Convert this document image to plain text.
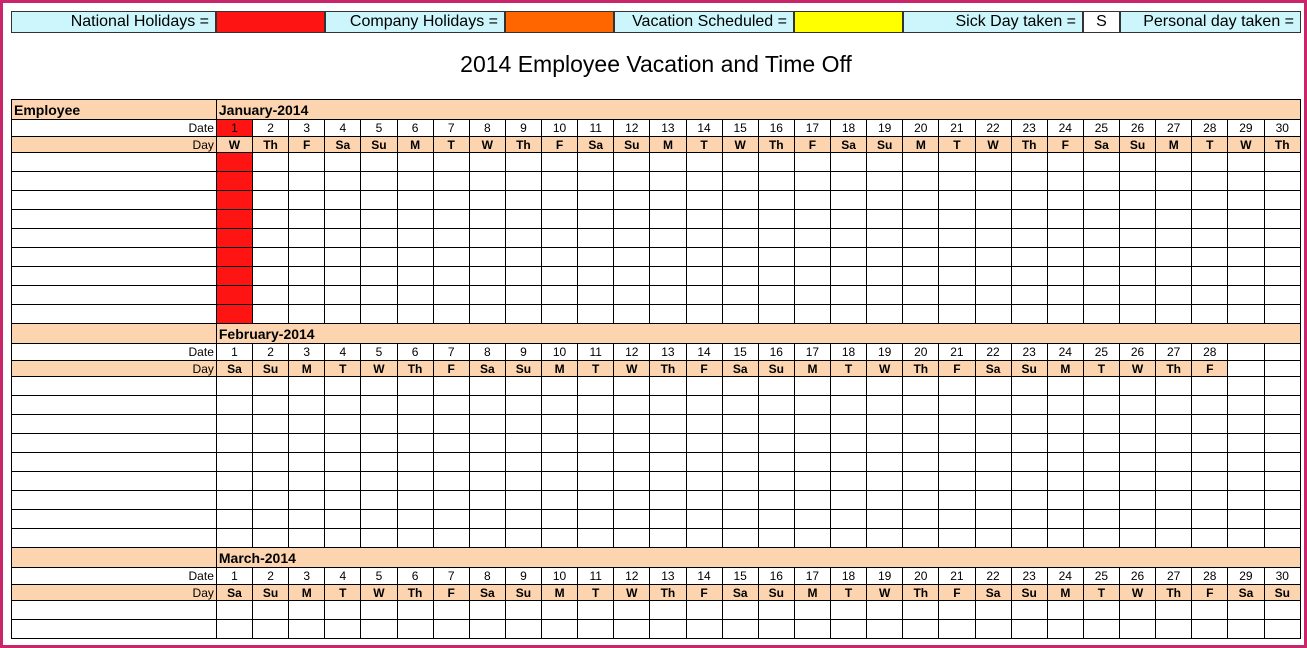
National Holidays =	Company Holidays =	Vacation Scheduled =	Sick Day taken =	S	Personal day taken =
2014 Employee Vacation and Time Off
Employee	January-2014																													
Date	1	2	3	4	5	6	7	8	9	10	11	12	13	14	15	16	17	18	19	20	21	22	23	24	25	26	27	28	29	30
Day	W	Th	F	Sa	Su	M	T	W	Th	F	Sa	Su	M	T	W	Th	F	Sa	Su	M	T	W	Th	F	Sa	Su	M	T	W	Th

	February-2014																													
Date	1	2	3	4	5	6	7	8	9	10	11	12	13	14	15	16	17	18	19	20	21	22	23	24	25	26	27	28		
Day	Sa	Su	M	T	W	Th	F	Sa	Su	M	T	W	Th	F	Sa	Su	M	T	W	Th	F	Sa	Su	M	T	W	Th	F		

	March-2014																													
Date	1	2	3	4	5	6	7	8	9	10	11	12	13	14	15	16	17	18	19	20	21	22	23	24	25	26	27	28	29	30
Day	Sa	Su	M	T	W	Th	F	Sa	Su	M	T	W	Th	F	Sa	Su	M	T	W	Th	F	Sa	Su	M	T	W	Th	F	Sa	Su
